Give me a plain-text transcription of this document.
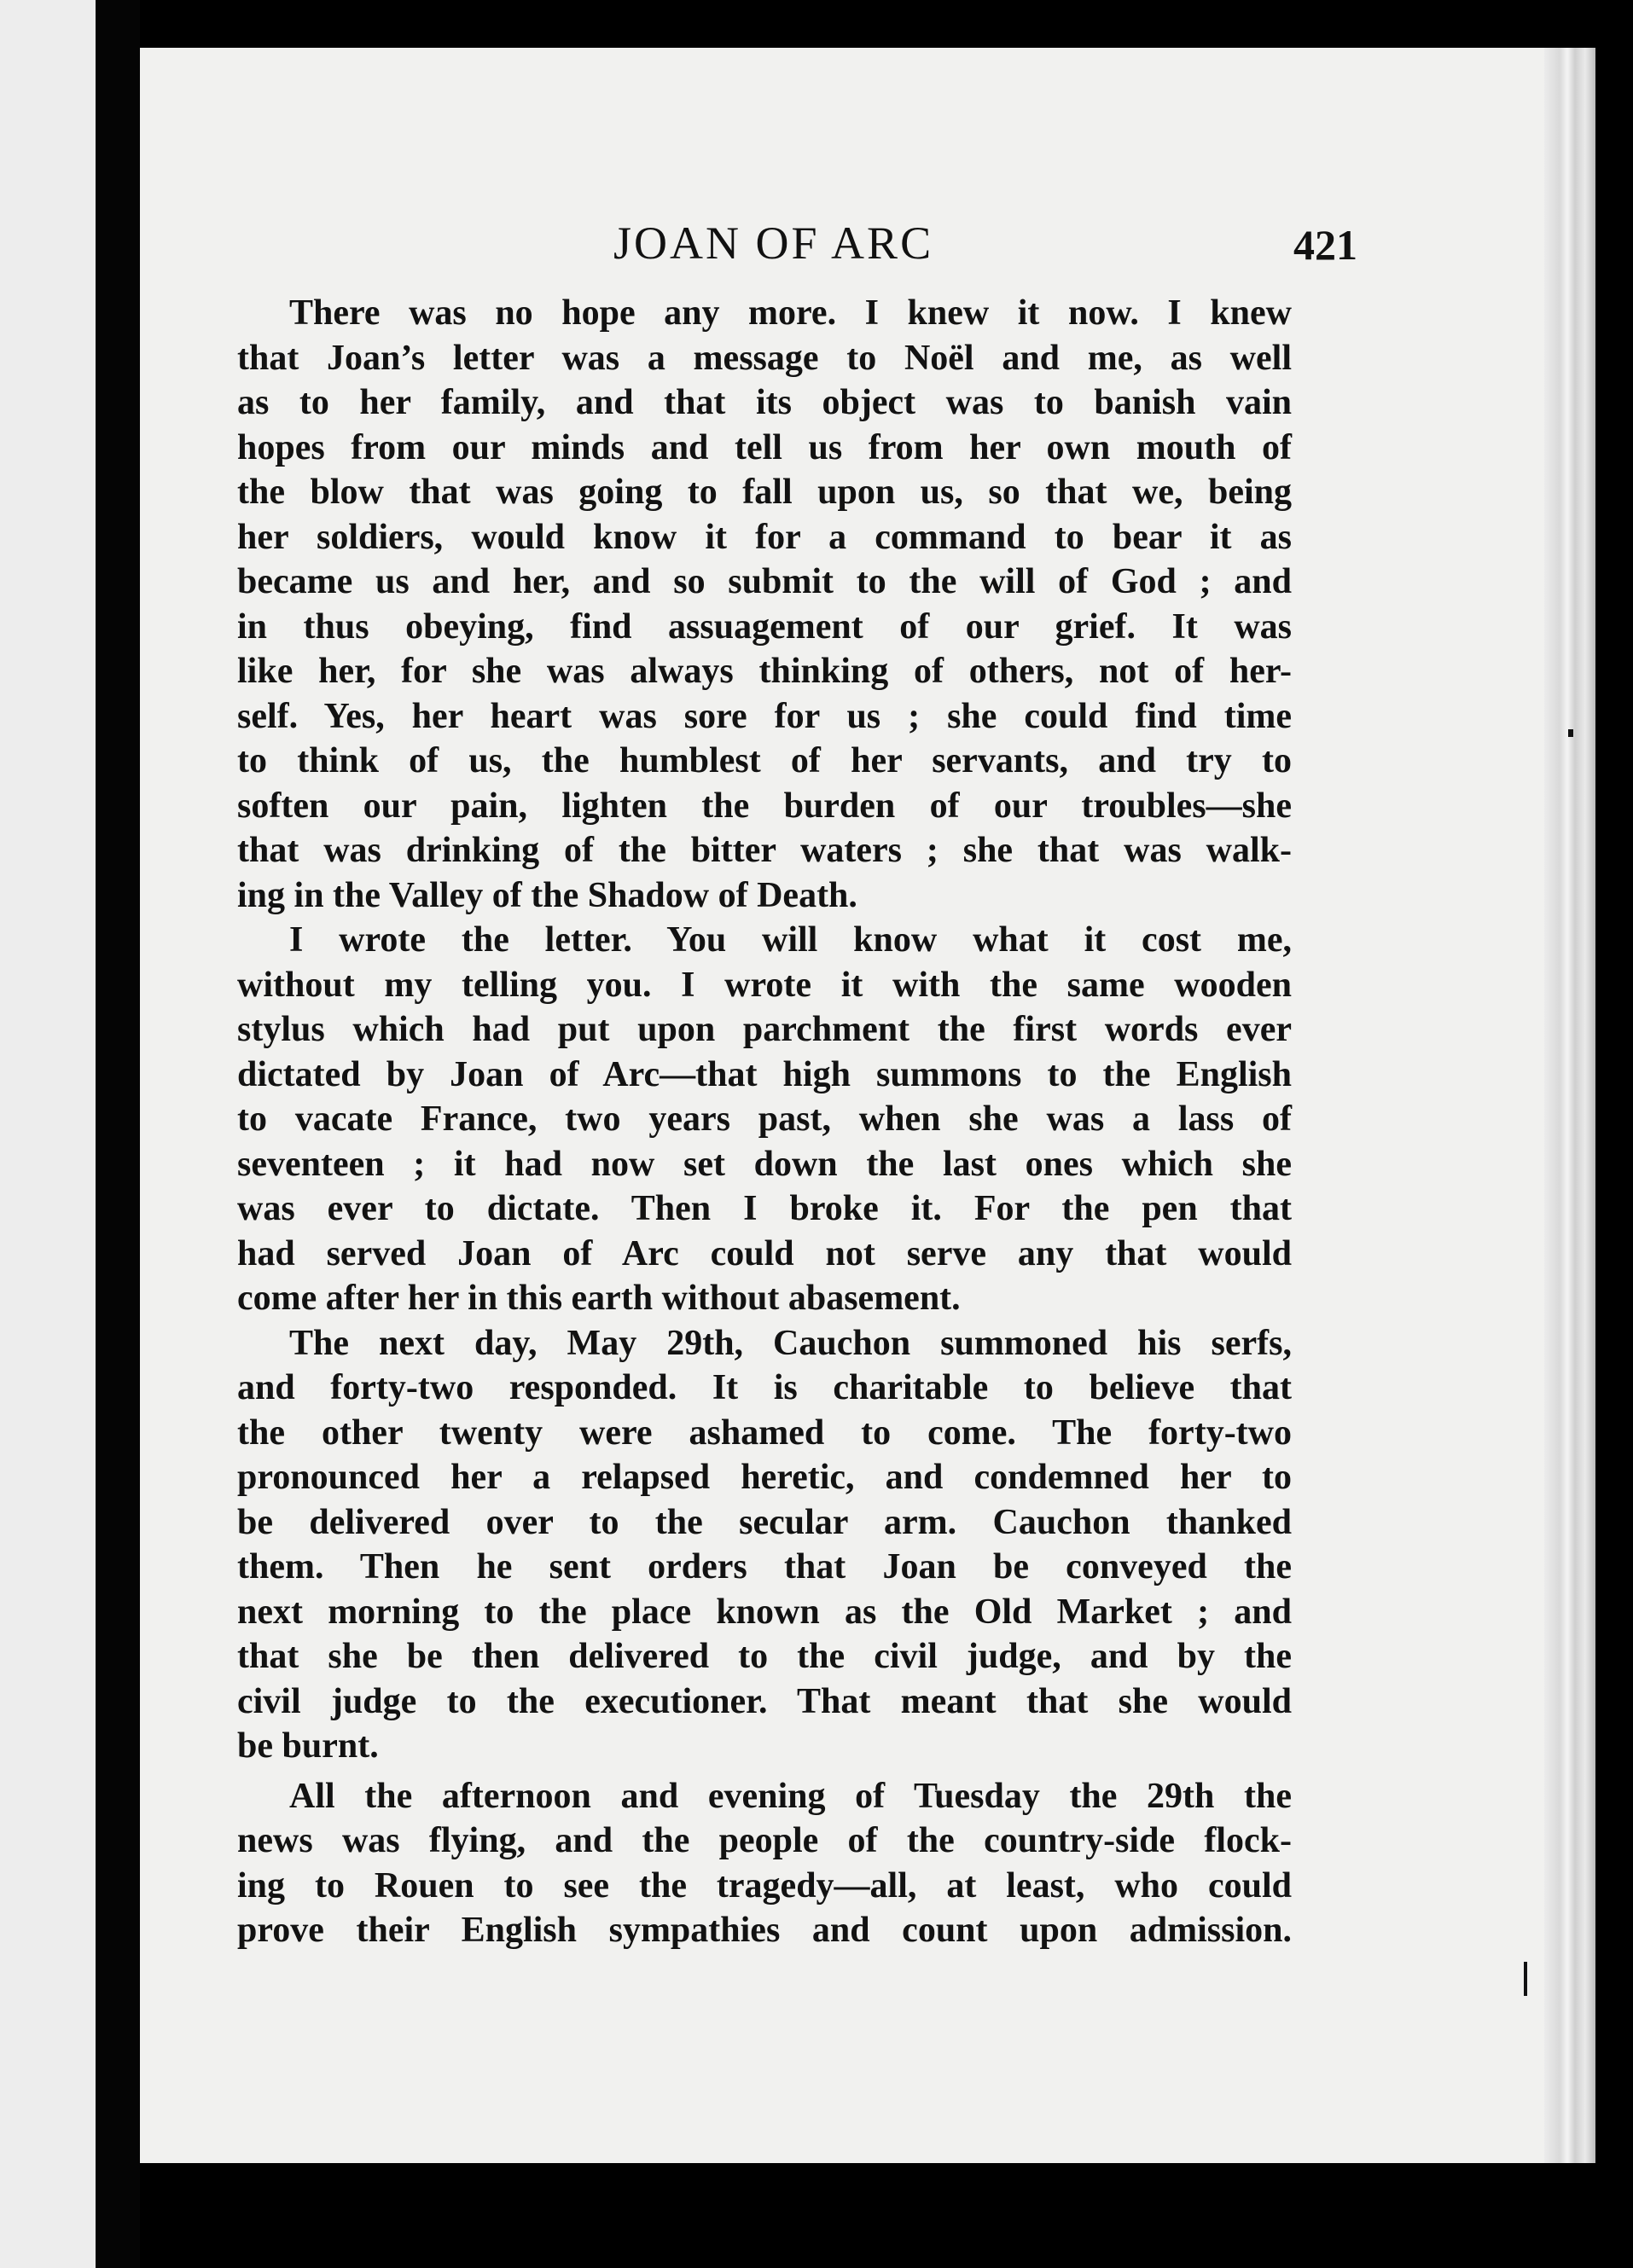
JOAN OF ARC	421
There was no hope any more. I knew it now. I knew
that Joan’s letter was a message to Noël and me, as well
as to her family, and that its object was to banish vain
hopes from our minds and tell us from her own mouth of
the blow that was going to fall upon us, so that we, being
her soldiers, would know it for a command to bear it as
became us and her, and so submit to the will of God ; and
in thus obeying, find assuagement of our grief. It was
like her, for she was always thinking of others, not of her-
self. Yes, her heart was sore for us ; she could find time
to think of us, the humblest of her servants, and try to
soften our pain, lighten the burden of our troubles—she
that was drinking of the bitter waters ; she that was walk-
ing in the Valley of the Shadow of Death.
I wrote the letter. You will know what it cost me,
without my telling you. I wrote it with the same wooden
stylus which had put upon parchment the first words ever
dictated by Joan of Arc—that high summons to the English
to vacate France, two years past, when she was a lass of
seventeen ; it had now set down the last ones which she
was ever to dictate. Then I broke it. For the pen that
had served Joan of Arc could not serve any that would
come after her in this earth without abasement.
The next day, May 29th, Cauchon summoned his serfs,
and forty-two responded. It is charitable to believe that
the other twenty were ashamed to come. The forty-two
pronounced her a relapsed heretic, and condemned her to
be delivered over to the secular arm. Cauchon thanked
them. Then he sent orders that Joan be conveyed the
next morning to the place known as the Old Market ; and
that she be then delivered to the civil judge, and by the
civil judge to the executioner. That meant that she would
be burnt.
All the afternoon and evening of Tuesday the 29th the
news was flying, and the people of the country-side flock-
ing to Rouen to see the tragedy—all, at least, who could
prove their English sympathies and count upon admission.
